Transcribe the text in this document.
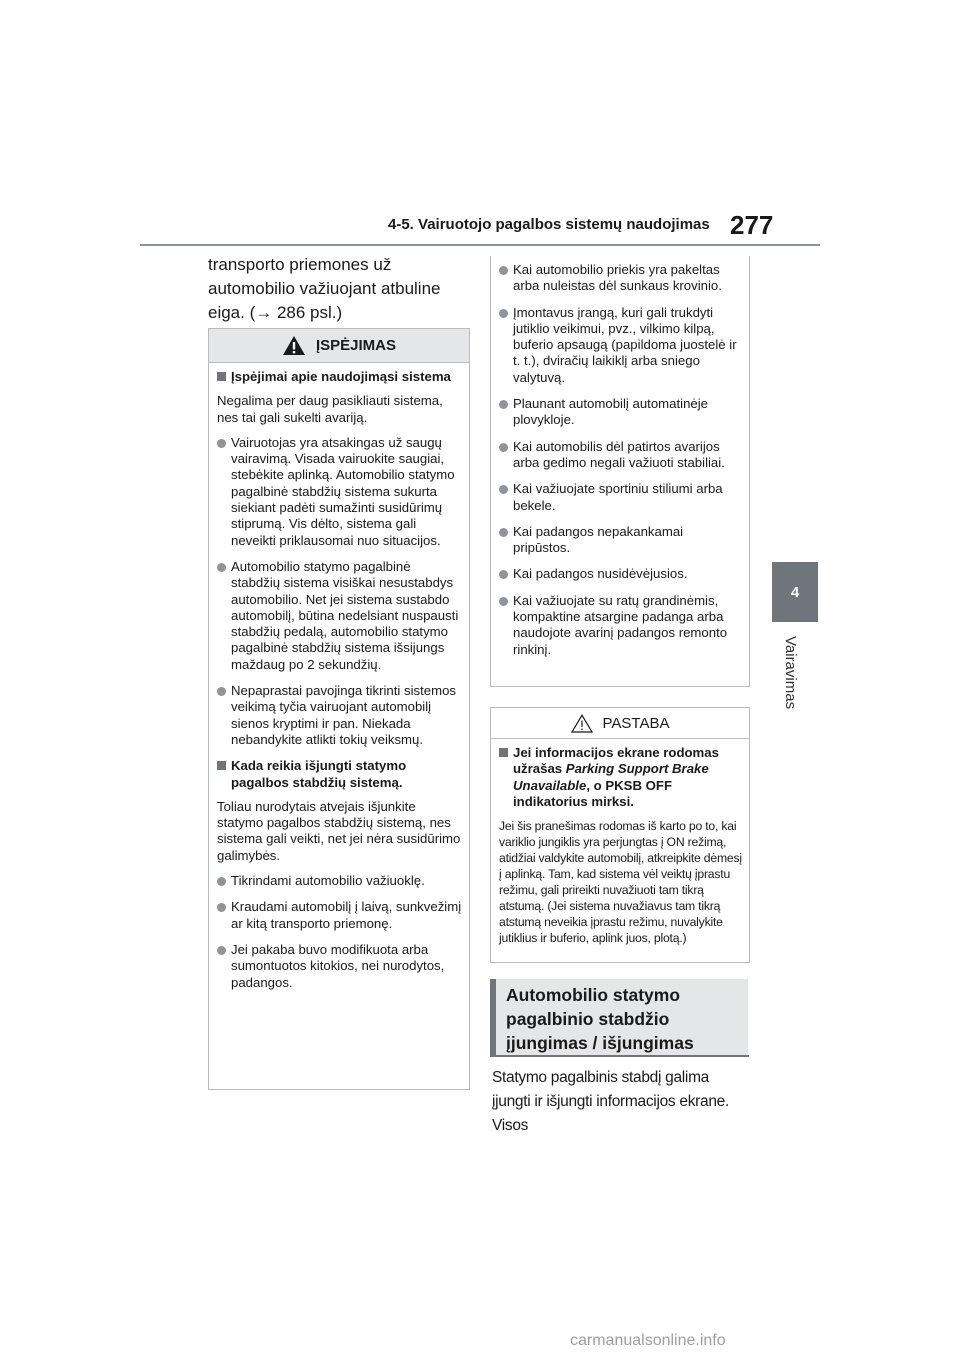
4-5. Vairuotojo pagalbos sistemų naudojimas 277
4
Vairavimas
transporto priemones už automobilio važiuojant atbuline eiga. (→ 286 psl.)
ĮSPĖJIMAS
Įspėjimai apie naudojimąsi sistema
Negalima per daug pasikliauti sistema, nes tai gali sukelti avariją.
Vairuotojas yra atsakingas už saugų vairavimą. Visada vairuokite saugiai, stebėkite aplinką. Automobilio statymo pagalbinė stabdžių sistema sukurta siekiant padėti sumažinti susidūrimų stiprumą. Vis dėlto, sistema gali neveikti priklausomai nuo situacijos.
Automobilio statymo pagalbinė stabdžių sistema visiškai nesustabdys automobilio. Net jei sistema sustabdo automobilį, būtina nedelsiant nuspausti stabdžių pedalą, automobilio statymo pagalbinė stabdžių sistema išsijungs maždaug po 2 sekundžių.
Nepaprastai pavojinga tikrinti sistemos veikimą tyčia vairuojant automobilį sienos kryptimi ir pan. Niekada nebandykite atlikti tokių veiksmų.
Kada reikia išjungti statymo pagalbos stabdžių sistemą.
Toliau nurodytais atvejais išjunkite statymo pagalbos stabdžių sistemą, nes sistema gali veikti, net jei nėra susidūrimo galimybės.
Tikrindami automobilio važiuoklę.
Kraudami automobilį į laivą, sunkvežimį ar kitą transporto priemonę.
Jei pakaba buvo modifikuota arba sumontuotos kitokios, nei nurodytos, padangos.
Kai automobilio priekis yra pakeltas arba nuleistas dėl sunkaus krovinio.
Įmontavus įrangą, kuri gali trukdyti jutiklio veikimui, pvz., vilkimo kilpą, buferio apsaugą (papildoma juostelė ir t. t.), dviračių laikiklį arba sniego valytuvą.
Plaunant automobilį automatinėje plovykloje.
Kai automobilis dėl patirtos avarijos arba gedimo negali važiuoti stabiliai.
Kai važiuojate sportiniu stiliumi arba bekele.
Kai padangos nepakankamai pripūstos.
Kai padangos nusidėvėjusios.
Kai važiuojate su ratų grandinėmis, kompaktine atsargine padanga arba naudojote avarinį padangos remonto rinkinį.
PASTABA
Jei informacijos ekrane rodomas užrašas Parking Support Brake Unavailable, o PKSB OFF indikatorius mirksi.
Jei šis pranešimas rodomas iš karto po to, kai variklio jungiklis yra perjungtas į ON režimą, atidžiai valdykite automobilį, atkreipkite dėmesį į aplinką. Tam, kad sistema vėl veiktų įprastu režimu, gali prireikti nuvažiuoti tam tikrą atstumą. (Jei sistema nuvažiavus tam tikrą atstumą neveikia įprastu režimu, nuvalykite jutiklius ir buferio, aplink juos, plotą.)
Automobilio statymo pagalbinio stabdžio įjungimas / išjungimas
Statymo pagalbinis stabdį galima įjungti ir išjungti informacijos ekrane. Visos
carmanualsonline.info
